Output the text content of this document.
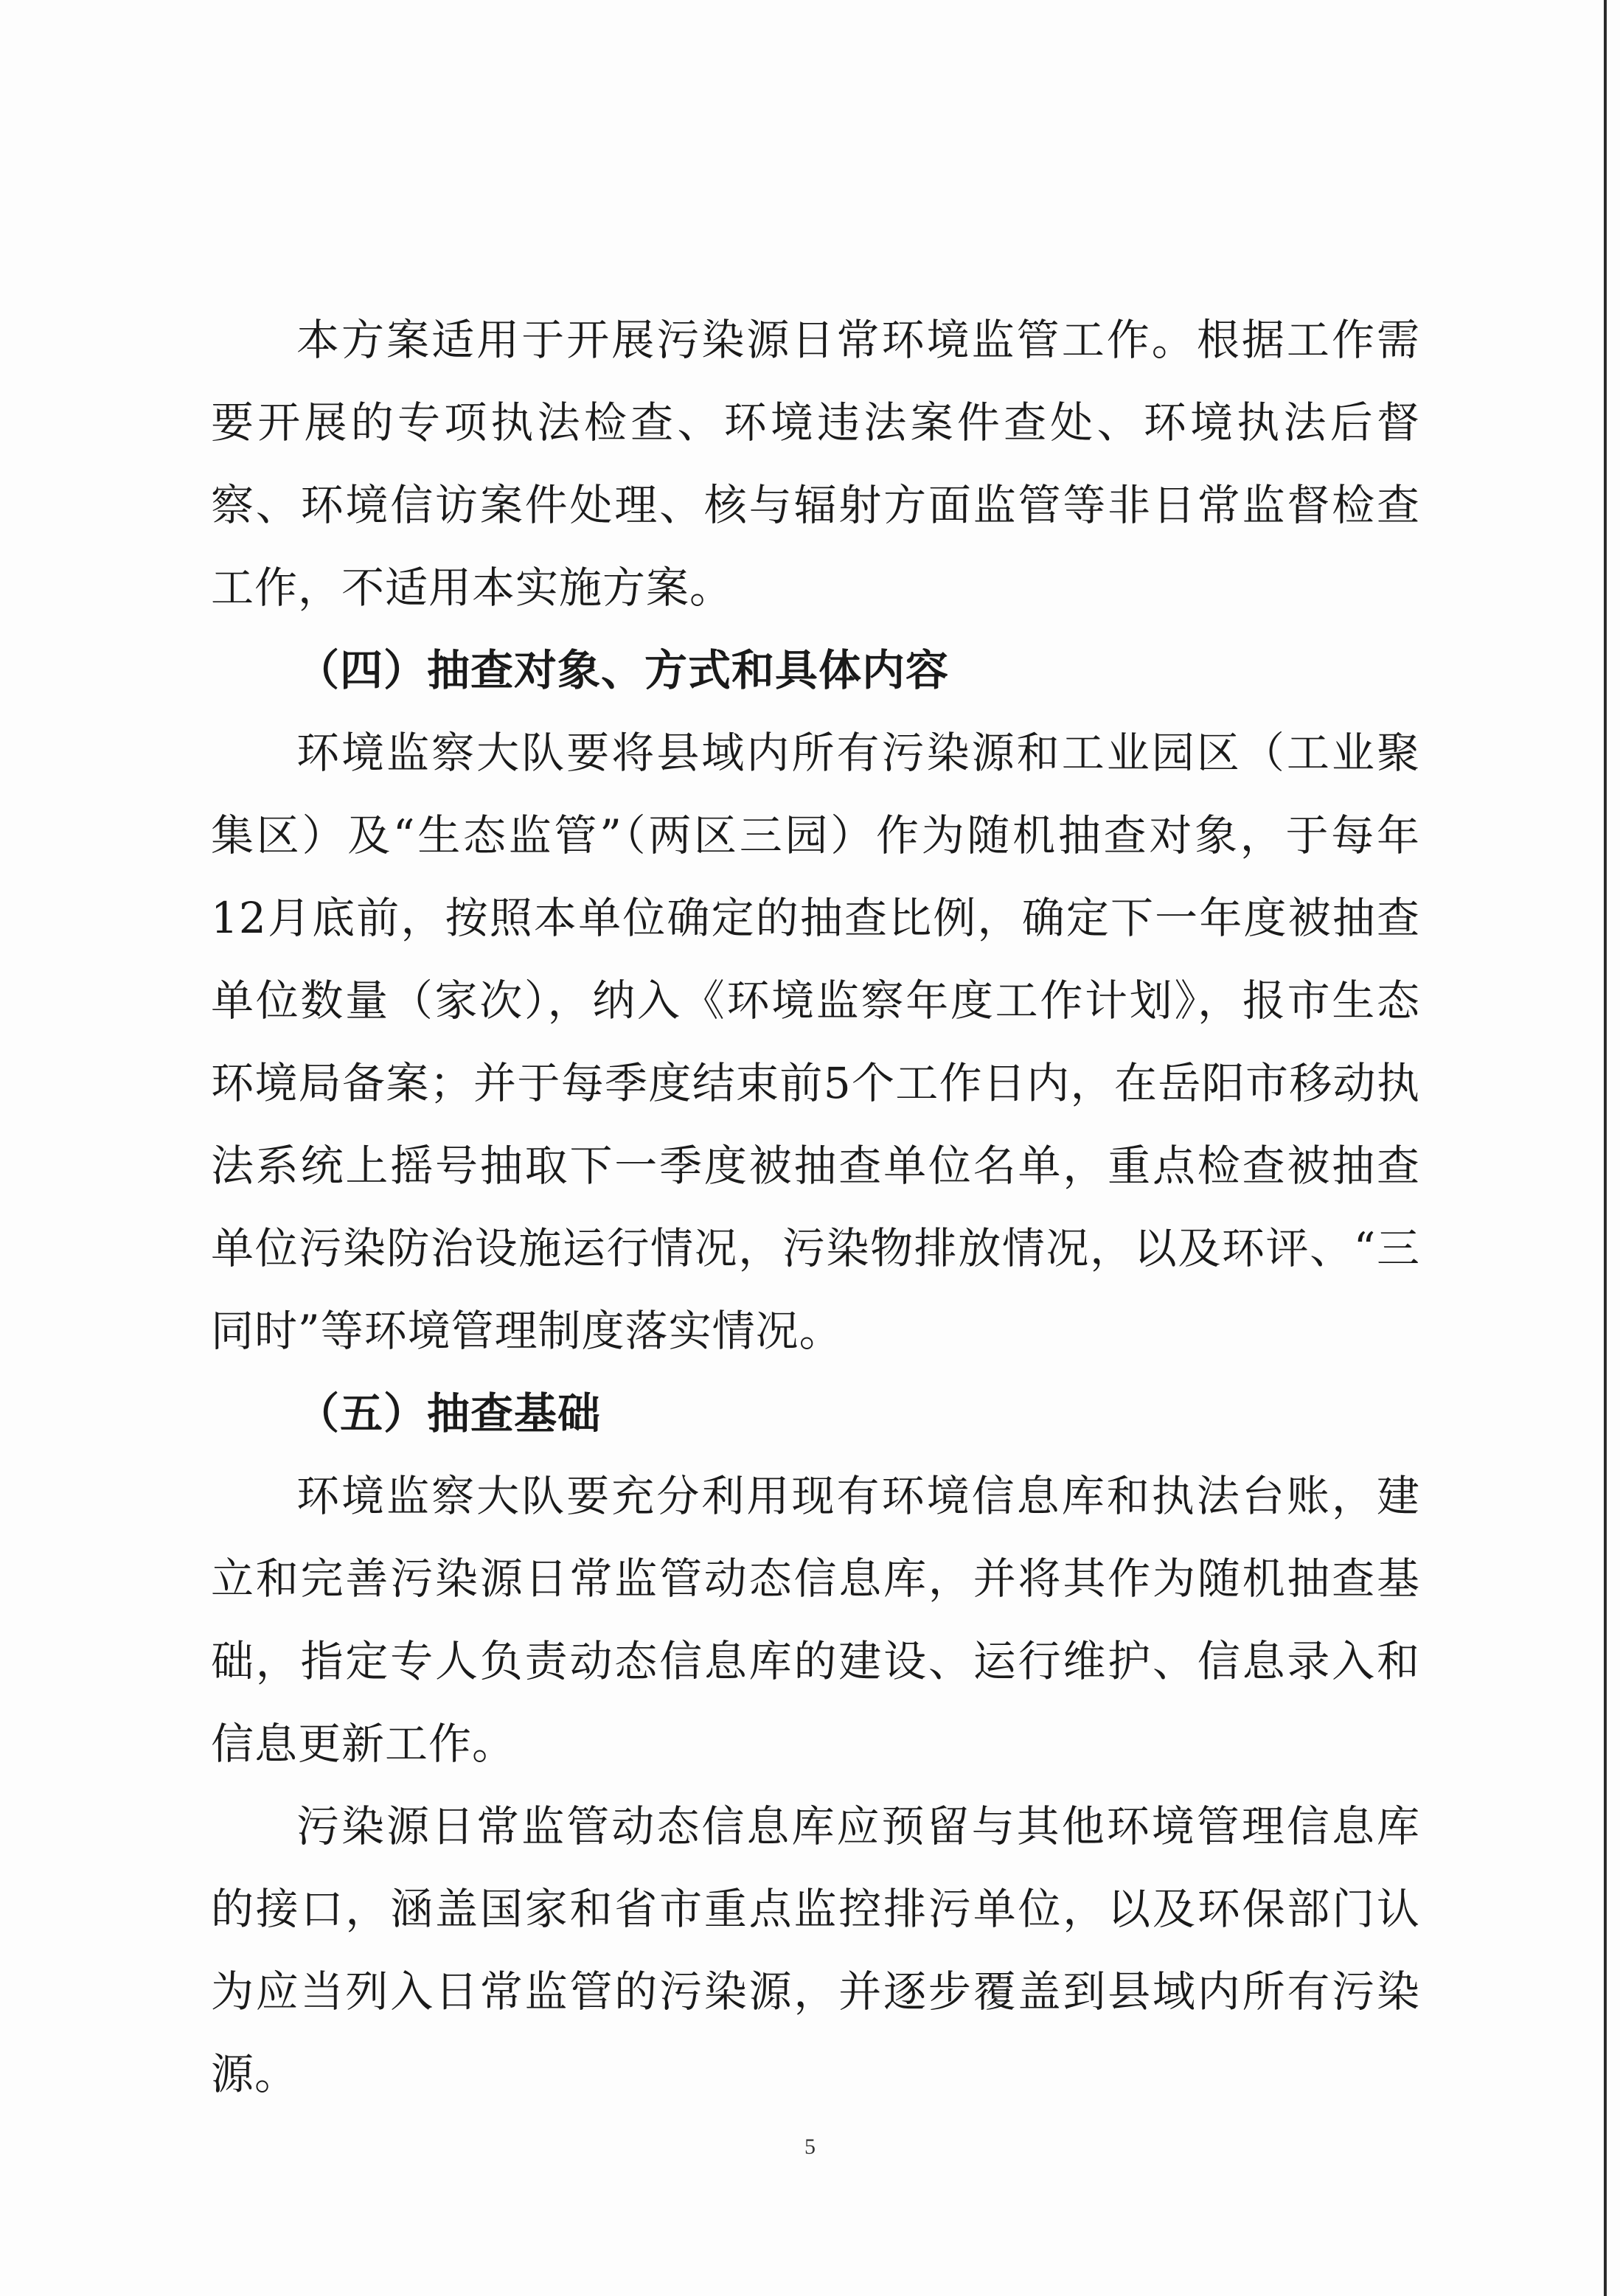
本方案适用于开展污染源日常环境监管工作。根据工作需要开展的专项执法检查、环境违法案件查处、环境执法后督察、环境信访案件处理、核与辐射方面监管等非日常监督检查工作，不适用本实施方案。

（四）抽查对象、方式和具体内容

环境监察大队要将县域内所有污染源和工业园区（工业聚集区）及“生态监管”（两区三园）作为随机抽查对象，于每年12月底前，按照本单位确定的抽查比例，确定下一年度被抽查单位数量（家次），纳入《环境监察年度工作计划》，报市生态环境局备案；并于每季度结束前5个工作日内，在岳阳市移动执法系统上摇号抽取下一季度被抽查单位名单，重点检查被抽查单位污染防治设施运行情况，污染物排放情况，以及环评、“三同时”等环境管理制度落实情况。

（五）抽查基础

环境监察大队要充分利用现有环境信息库和执法台账，建立和完善污染源日常监管动态信息库，并将其作为随机抽查基础，指定专人负责动态信息库的建设、运行维护、信息录入和信息更新工作。

污染源日常监管动态信息库应预留与其他环境管理信息库的接口，涵盖国家和省市重点监控排污单位，以及环保部门认为应当列入日常监管的污染源，并逐步覆盖到县域内所有污染源。

5
